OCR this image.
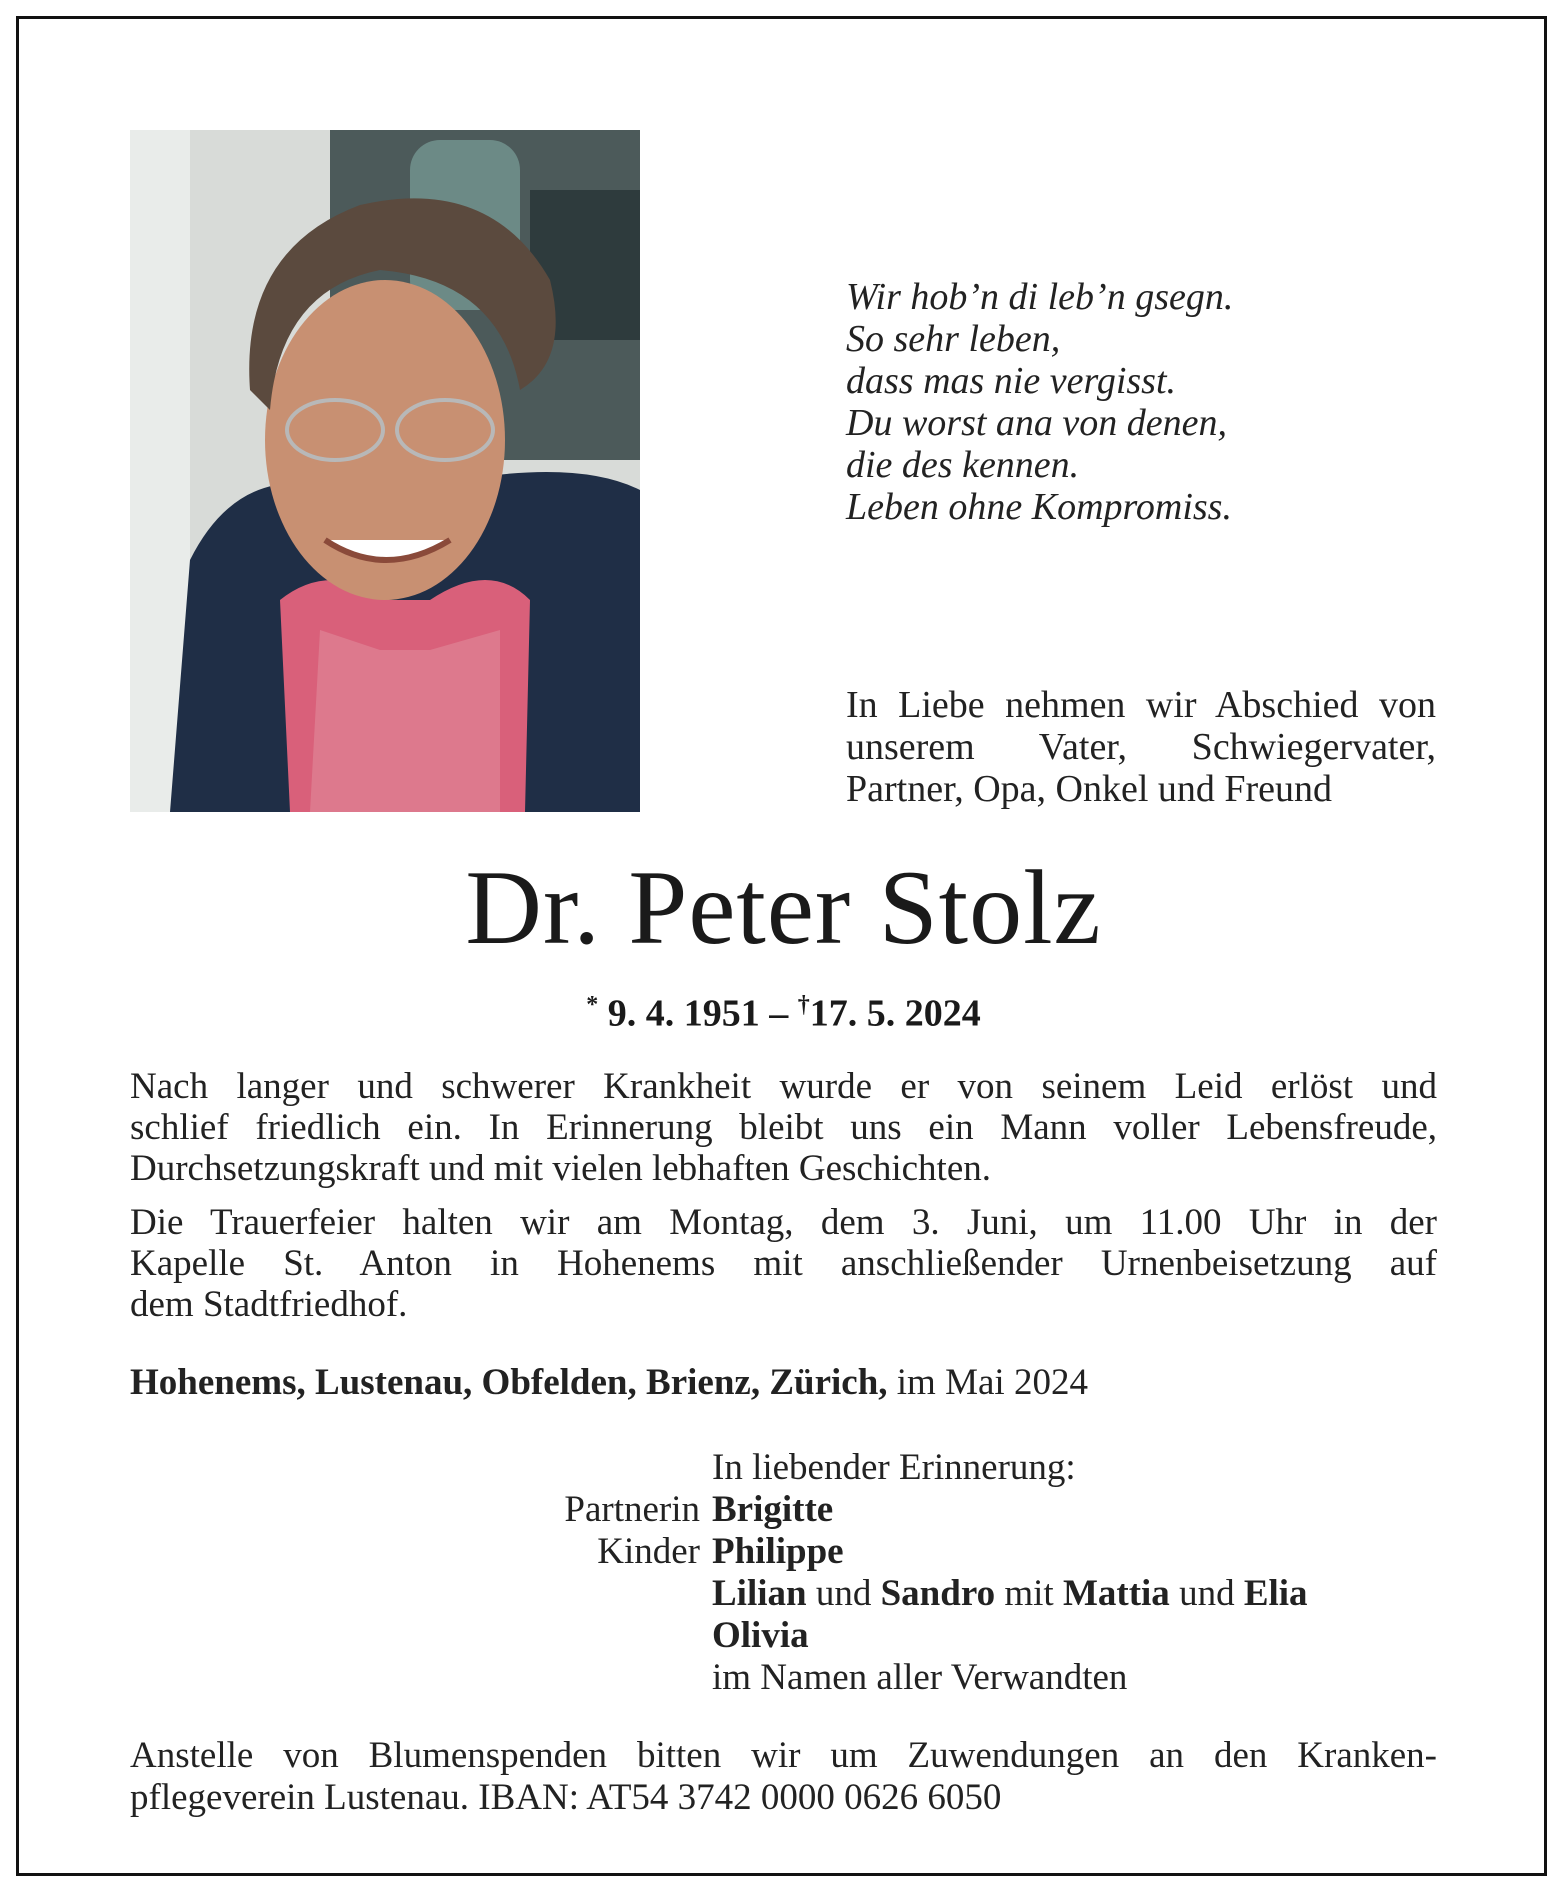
Wir hob’n di leb’n gsegn.
So sehr leben,
dass mas nie vergisst.
Du worst ana von denen,
die des kennen.
Leben ohne Kompromiss.
In Liebe nehmen wir Abschied von
unserem Vater, Schwiegervater,
Partner, Opa, Onkel und Freund
Dr. Peter Stolz
* 9. 4. 1951 – †17. 5. 2024
Nach langer und schwerer Krankheit wurde er von seinem Leid erlöst und
schlief friedlich ein. In Erinnerung bleibt uns ein Mann voller Lebensfreude,
Durchsetzungskraft und mit vielen lebhaften Geschichten.
Die Trauerfeier halten wir am Montag, dem 3. Juni, um 11.00 Uhr in der
Kapelle St. Anton in Hohenems mit anschließender Urnenbeisetzung auf
dem Stadtfriedhof.
Hohenems, Lustenau, Obfelden, Brienz, Zürich, im Mai 2024
In liebender Erinnerung:
Partnerin Brigitte
Kinder Philippe
Lilian und Sandro mit Mattia und Elia
Olivia
im Namen aller Verwandten
Anstelle von Blumenspenden bitten wir um Zuwendungen an den Kranken-
pflegeverein Lustenau. IBAN: AT54 3742 0000 0626 6050
